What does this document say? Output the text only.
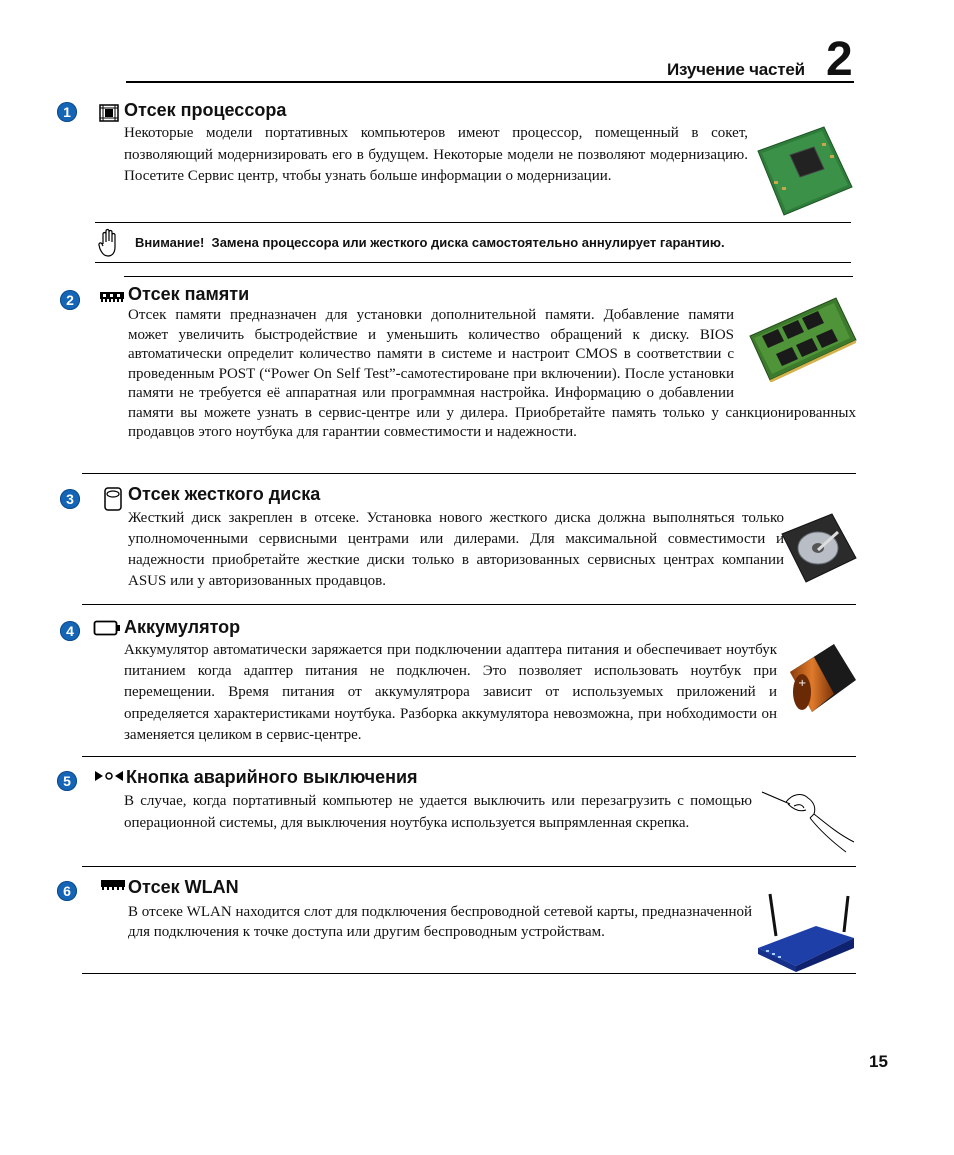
Изучение частей 2
1	Отсек процессора

Некоторые модели портативных компьютеров имеют процессор, помещенный в сокет, позволяющий модернизировать его в будущем. Некоторые модели не позволяют модернизацию. Посетите Сервис центр, чтобы узнать больше информации о модернизации.

Внимание! Замена процессора или жесткого диска самостоятельно аннулирует гарантию.
2	Отсек памяти

Отсек памяти предназначен для установки дополнительной памяти. Добавление памяти может увеличить быстродействие и уменьшить количество обращений к диску. BIOS автоматически определит количество памяти в системе и настроит CMOS в соответствии с проведенным POST (“Power On Self Test”-самотестироване при включении). После установки памяти не требуется её аппаратная или программная настройка. Информацию о добавлении памяти вы можете узнать в сервис-центре или у дилера. Приобретайте память только у санкционированных продавцов этого ноутбука для гарантии совместимости и надежности.

3	Отсек жесткого диска

Жесткий диск закреплен в отсеке. Установка нового жесткого диска должна выполняться только уполномоченными сервисными центрами или дилерами. Для максимальной совместимости и надежности приобретайте жесткие диски только в авторизованных сервисных центрах компании ASUS или у авторизованных продавцов.

4	Аккумулятор
+

Аккумулятор автоматически заряжается при подключении адаптера питания и обеспечивает ноутбук питанием когда адаптер питания не подключен. Это позволяет использовать ноутбук при перемещении. Время питания от аккумулятрора зависит от используемых приложений и определяется характеристиками ноутбука. Разборка аккумулятора невозможна, при нобходимости он заменяется целиком в сервис-центре.

5	Кнопка аварийного выключения

В случае, когда портативный компьютер не удается выключить или перезагрузить с помощью операционной системы, для выключения ноутбука используется выпрямленная скрепка.

6	Отсек WLAN

В отсеке WLAN находится слот для подключения беспроводной сетевой карты, предназначенной для подключения к точке доступа или другим беспроводным устройствам.

15
